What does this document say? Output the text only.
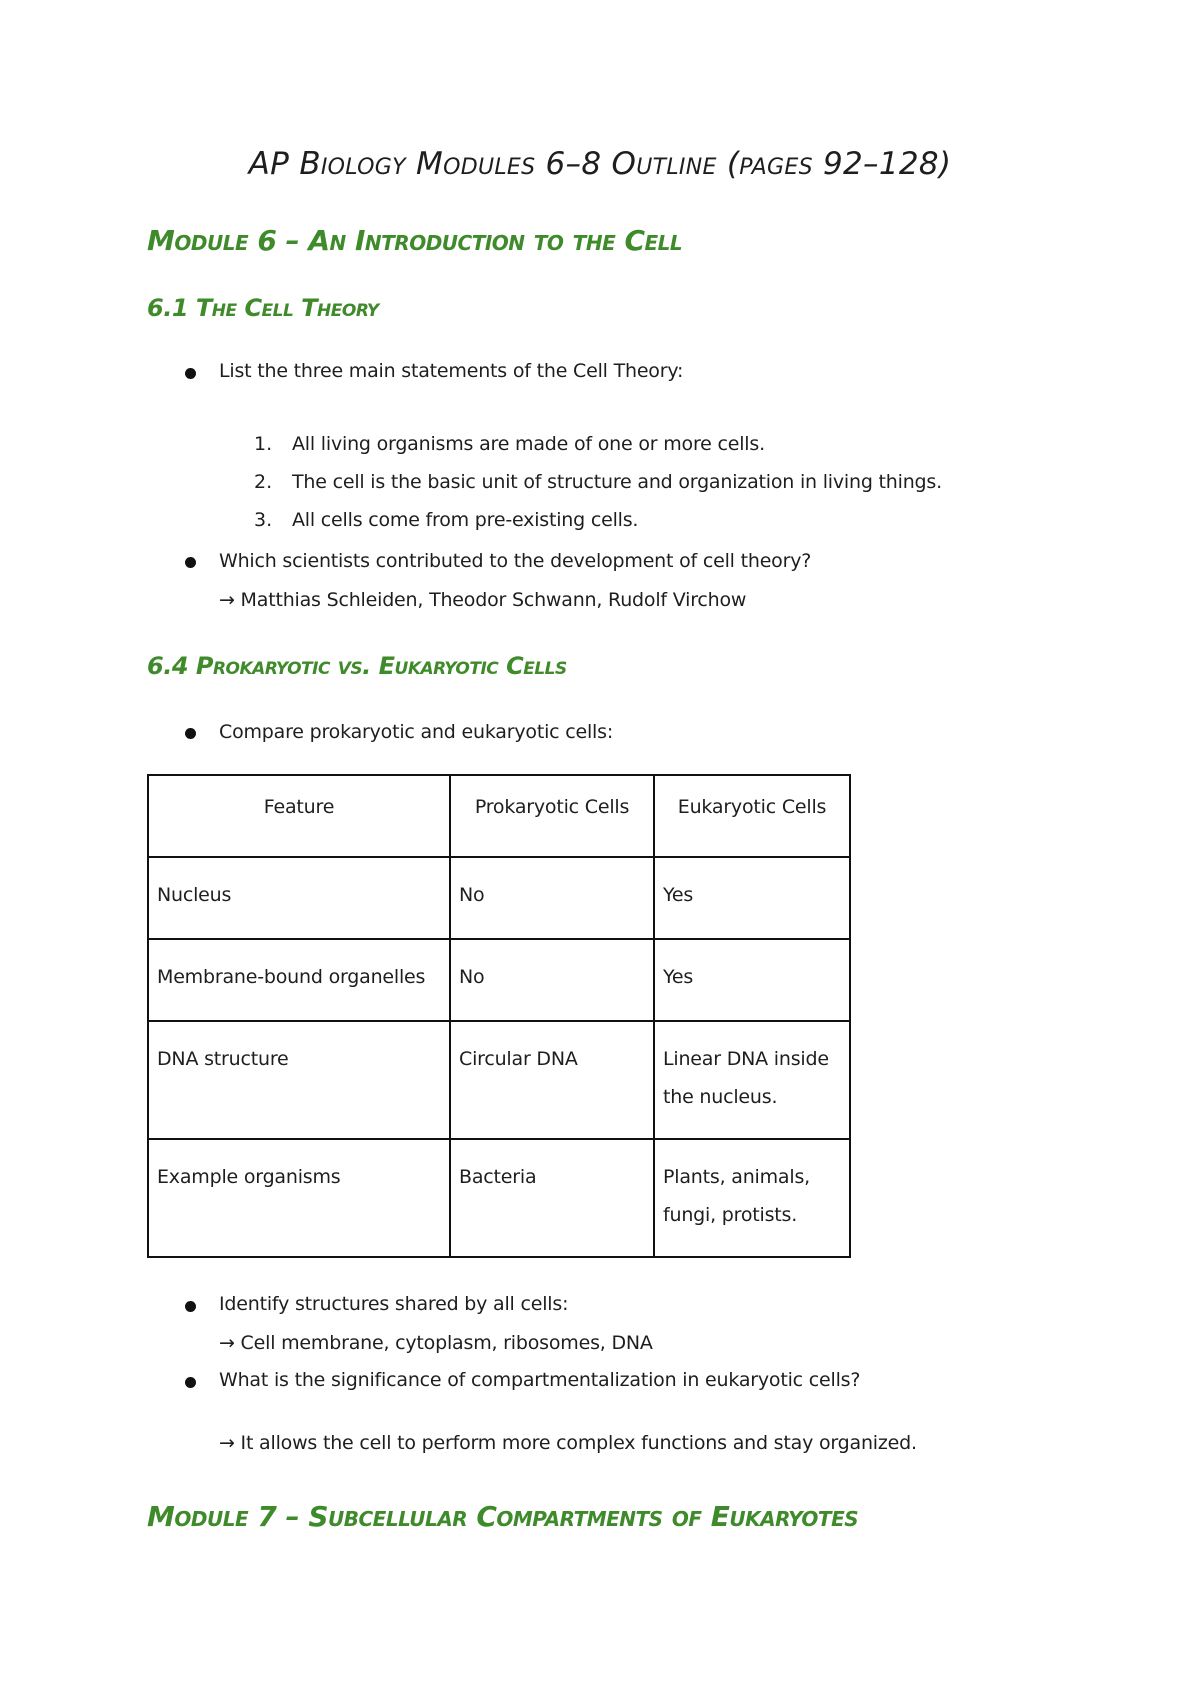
AP Biology Modules 6–8 Outline (pages 92–128)
Module 6 – An Introduction to the Cell
6.1 The Cell Theory
List the three main statements of the Cell Theory:
1. All living organisms are made of one or more cells.
2. The cell is the basic unit of structure and organization in living things.
3. All cells come from pre-existing cells.
Which scientists contributed to the development of cell theory?
→ Matthias Schleiden, Theodor Schwann, Rudolf Virchow
6.4 Prokaryotic vs. Eukaryotic Cells
Compare prokaryotic and eukaryotic cells:
Feature	Prokaryotic Cells	Eukaryotic Cells

Nucleus	No	Yes

Membrane-bound organelles	No	Yes

DNA structure	Circular DNA	Linear DNA inside the nucleus.

Example organisms	Bacteria	Plants, animals, fungi, protists.
Identify structures shared by all cells:
→ Cell membrane, cytoplasm, ribosomes, DNA
What is the significance of compartmentalization in eukaryotic cells?
→ It allows the cell to perform more complex functions and stay organized.
Module 7 – Subcellular Compartments of Eukaryotes
